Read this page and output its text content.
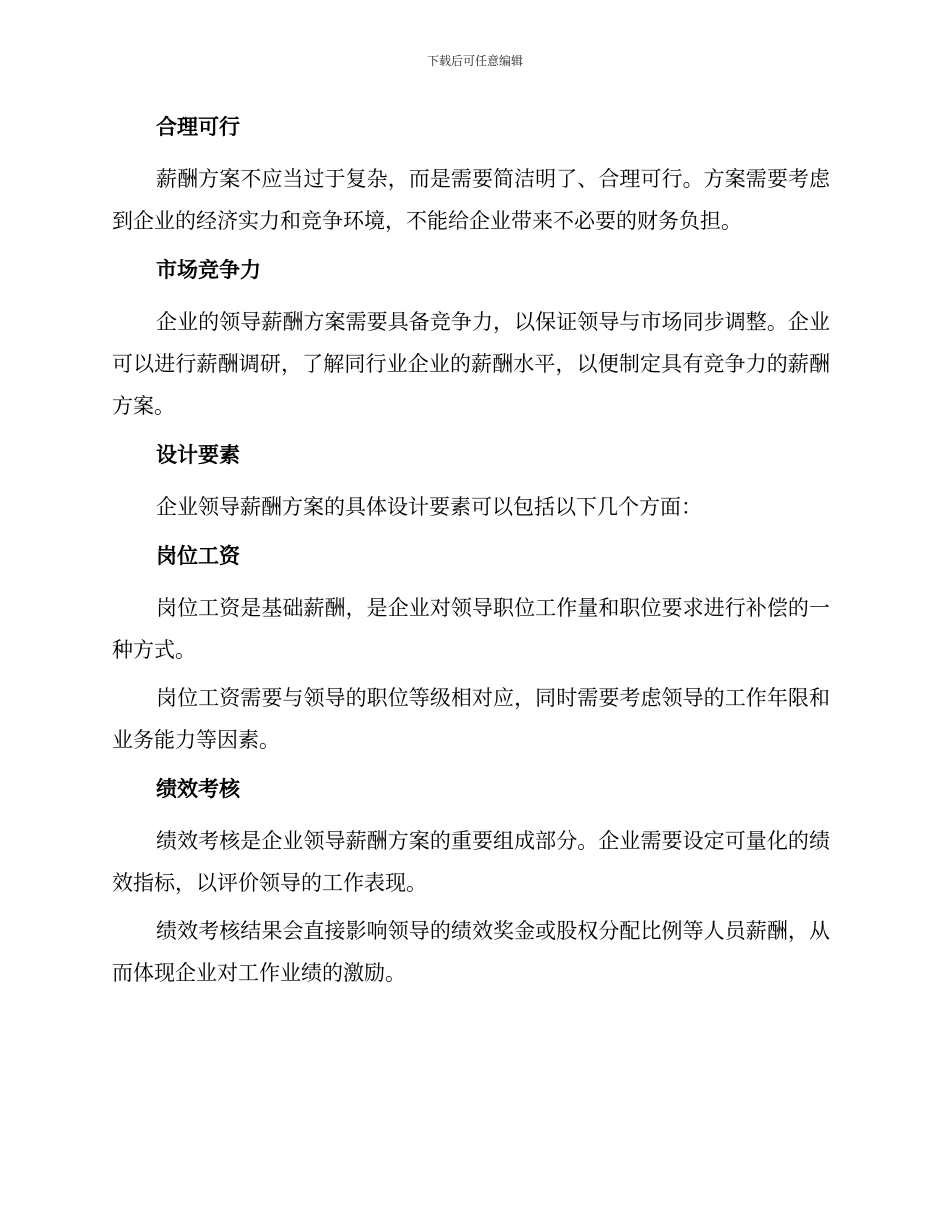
下载后可任意编辑
合理可行

薪酬方案不应当过于复杂，而是需要简洁明了、合理可行。方案需要考虑到企业的经济实力和竞争环境，不能给企业带来不必要的财务负担。

市场竞争力

企业的领导薪酬方案需要具备竞争力，以保证领导与市场同步调整。企业可以进行薪酬调研，了解同行业企业的薪酬水平，以便制定具有竞争力的薪酬方案。

设计要素

企业领导薪酬方案的具体设计要素可以包括以下几个方面：

岗位工资

岗位工资是基础薪酬，是企业对领导职位工作量和职位要求进行补偿的一种方式。

岗位工资需要与领导的职位等级相对应，同时需要考虑领导的工作年限和业务能力等因素。

绩效考核

绩效考核是企业领导薪酬方案的重要组成部分。企业需要设定可量化的绩效指标，以评价领导的工作表现。

绩效考核结果会直接影响领导的绩效奖金或股权分配比例等人员薪酬，从而体现企业对工作业绩的激励。
